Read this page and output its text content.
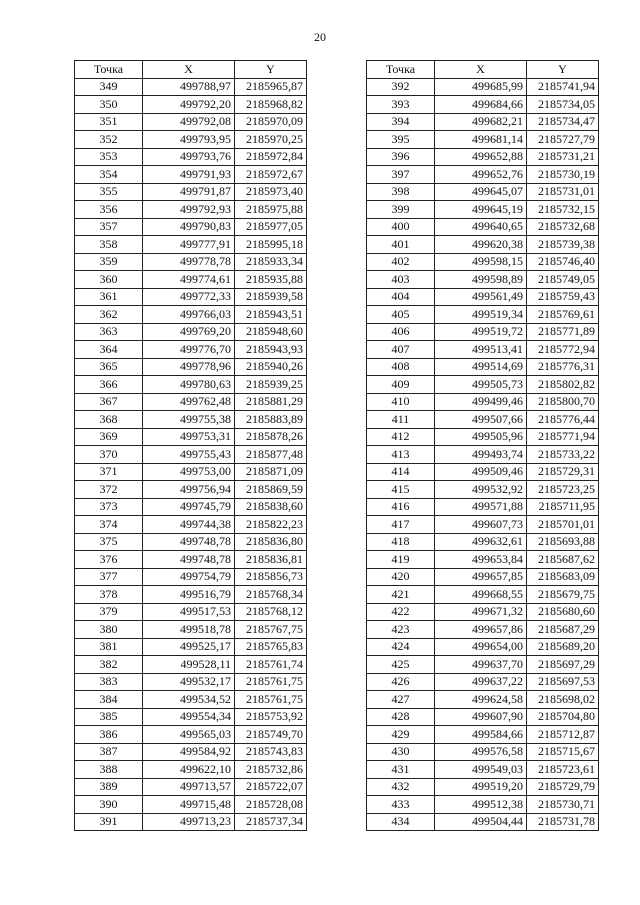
20
Точка	X	Y
349	499788,97	2185965,87
350	499792,20	2185968,82
351	499792,08	2185970,09
352	499793,95	2185970,25
353	499793,76	2185972,84
354	499791,93	2185972,67
355	499791,87	2185973,40
356	499792,93	2185975,88
357	499790,83	2185977,05
358	499777,91	2185995,18
359	499778,78	2185933,34
360	499774,61	2185935,88
361	499772,33	2185939,58
362	499766,03	2185943,51
363	499769,20	2185948,60
364	499776,70	2185943,93
365	499778,96	2185940,26
366	499780,63	2185939,25
367	499762,48	2185881,29
368	499755,38	2185883,89
369	499753,31	2185878,26
370	499755,43	2185877,48
371	499753,00	2185871,09
372	499756,94	2185869,59
373	499745,79	2185838,60
374	499744,38	2185822,23
375	499748,78	2185836,80
376	499748,78	2185836,81
377	499754,79	2185856,73
378	499516,79	2185768,34
379	499517,53	2185768,12
380	499518,78	2185767,75
381	499525,17	2185765,83
382	499528,11	2185761,74
383	499532,17	2185761,75
384	499534,52	2185761,75
385	499554,34	2185753,92
386	499565,03	2185749,70
387	499584,92	2185743,83
388	499622,10	2185732,86
389	499713,57	2185722,07
390	499715,48	2185728,08
391	499713,23	2185737,34
Точка	X	Y
392	499685,99	2185741,94
393	499684,66	2185734,05
394	499682,21	2185734,47
395	499681,14	2185727,79
396	499652,88	2185731,21
397	499652,76	2185730,19
398	499645,07	2185731,01
399	499645,19	2185732,15
400	499640,65	2185732,68
401	499620,38	2185739,38
402	499598,15	2185746,40
403	499598,89	2185749,05
404	499561,49	2185759,43
405	499519,34	2185769,61
406	499519,72	2185771,89
407	499513,41	2185772,94
408	499514,69	2185776,31
409	499505,73	2185802,82
410	499499,46	2185800,70
411	499507,66	2185776,44
412	499505,96	2185771,94
413	499493,74	2185733,22
414	499509,46	2185729,31
415	499532,92	2185723,25
416	499571,88	2185711,95
417	499607,73	2185701,01
418	499632,61	2185693,88
419	499653,84	2185687,62
420	499657,85	2185683,09
421	499668,55	2185679,75
422	499671,32	2185680,60
423	499657,86	2185687,29
424	499654,00	2185689,20
425	499637,70	2185697,29
426	499637,22	2185697,53
427	499624,58	2185698,02
428	499607,90	2185704,80
429	499584,66	2185712,87
430	499576,58	2185715,67
431	499549,03	2185723,61
432	499519,20	2185729,79
433	499512,38	2185730,71
434	499504,44	2185731,78
